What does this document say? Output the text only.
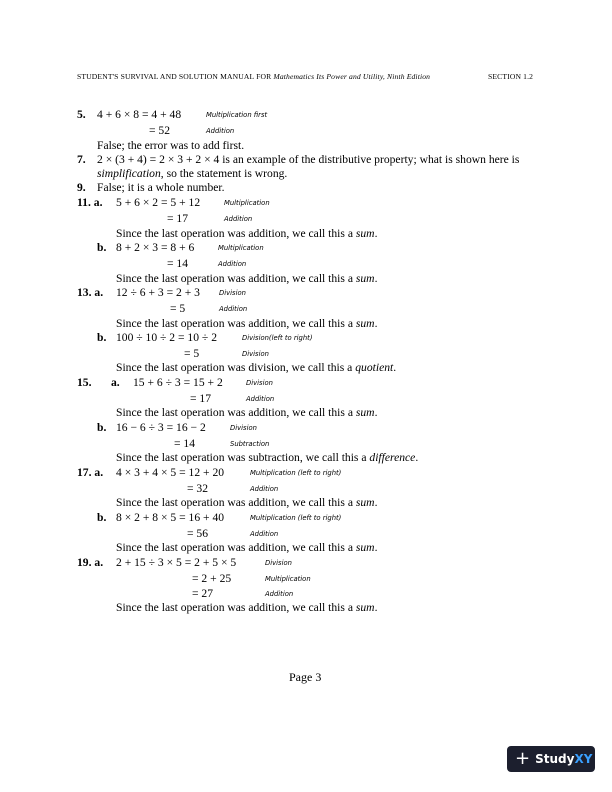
STUDENT'S SURVIVAL AND SOLUTION MANUAL FOR Mathematics Its Power and Utility, Ninth Edition	SECTION 1.2
5. 4 + 6 × 8 = 4 + 48	Multiplication first
= 52	Addition
False; the error was to add first.
7. 2 × (3 + 4) = 2 × 3 + 2 × 4 is an example of the distributive property; what is shown here is
simplification, so the statement is wrong.
9. False; it is a whole number.
11. a. 5 + 6 × 2 = 5 + 12	Multiplication
= 17	Addition
Since the last operation was addition, we call this a sum.
b. 8 + 2 × 3 = 8 + 6	Multiplication
= 14	Addition
Since the last operation was addition, we call this a sum.
13. a. 12 ÷ 6 + 3 = 2 + 3	Division
= 5	Addition
Since the last operation was addition, we call this a sum.
b. 100 ÷ 10 ÷ 2 = 10 ÷ 2	Division(left to right)
= 5	Division
Since the last operation was division, we call this a quotient.
15. a. 15 + 6 ÷ 3 = 15 + 2	Division
= 17	Addition
Since the last operation was addition, we call this a sum.
b. 16 − 6 ÷ 3 = 16 − 2	Division
= 14	Subtraction
Since the last operation was subtraction, we call this a difference.
17. a. 4 × 3 + 4 × 5 = 12 + 20	Multiplication (left to right)
= 32	Addition
Since the last operation was addition, we call this a sum.
b. 8 × 2 + 8 × 5 = 16 + 40	Multiplication (left to right)
= 56	Addition
Since the last operation was addition, we call this a sum.
19. a. 2 + 15 ÷ 3 × 5 = 2 + 5 × 5	Division
= 2 + 25	Multiplication
= 27	Addition
Since the last operation was addition, we call this a sum.
Page 3
+ StudyXY
